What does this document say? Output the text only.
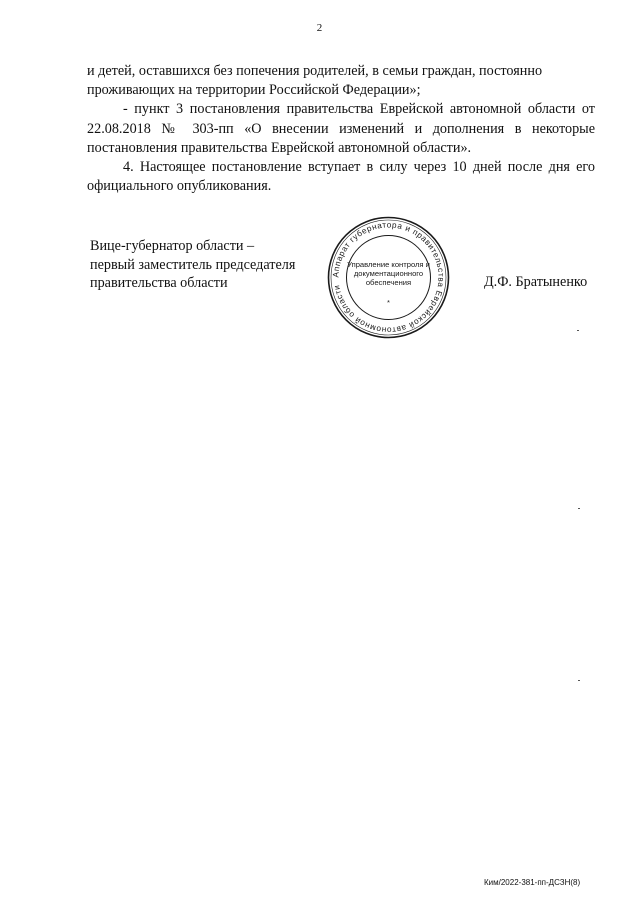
2

и детей, оставшихся без попечения родителей, в семьи граждан, постоянно

проживающих на территории Российской Федерации»;

- пункт 3 постановления правительства Еврейской автономной области от 22.08.2018 № 303-пп «О внесении изменений и дополнения в некоторые постановления правительства Еврейской автономной области».

4. Настоящее постановление вступает в силу через 10 дней после дня его официального опубликования.

Вице-губернатор области –
первый заместитель председателя
правительства области
Аппарат губернатора и правительства Еврейской автономной области
Управление контроля и
документационного
обеспечения
*
Д.Ф. Братыненко
Ким/2022-381-пп-ДСЗН(8)
